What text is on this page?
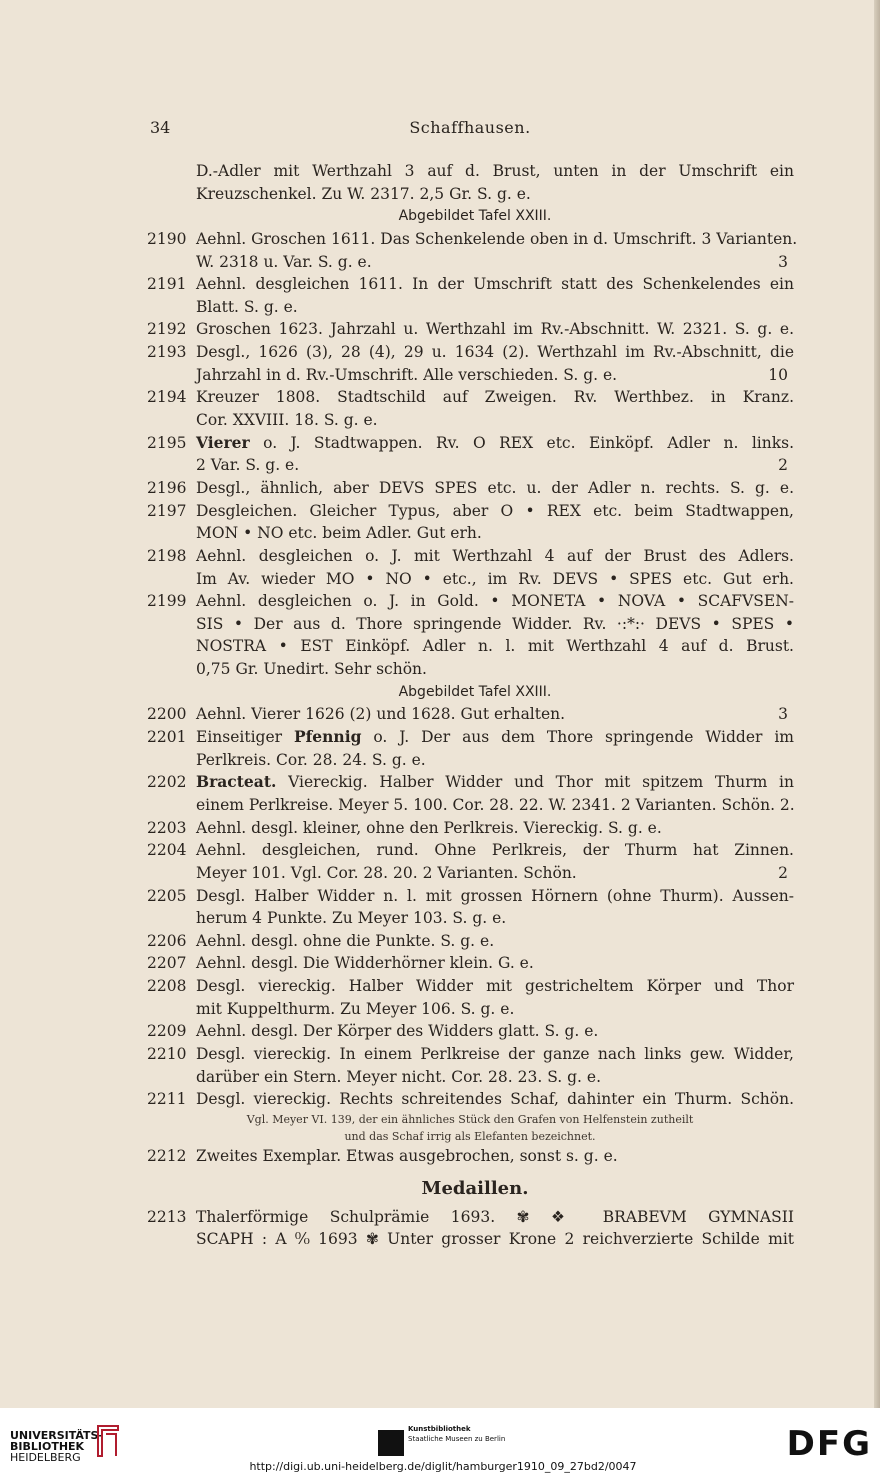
34	Schaffhausen.
D.-Adler mit Werthzahl 3 auf d. Brust, unten in der Umschrift ein
Kreuzschenkel. Zu W. 2317. 2,5 Gr. S. g. e.
Abgebildet Tafel XXIII.
2190 Aehnl. Groschen 1611. Das Schenkelende oben in d. Umschrift. 3 Varianten.
W. 2318 u. Var. S. g. e.	3
2191 Aehnl. desgleichen 1611. In der Umschrift statt des Schenkelendes ein
Blatt. S. g. e.
2192 Groschen 1623. Jahrzahl u. Werthzahl im Rv.-Abschnitt. W. 2321. S. g. e.
2193 Desgl., 1626 (3), 28 (4), 29 u. 1634 (2). Werthzahl im Rv.-Abschnitt, die
Jahrzahl in d. Rv.-Umschrift. Alle verschieden. S. g. e.	10
2194 Kreuzer 1808. Stadtschild auf Zweigen. Rv. Werthbez. in Kranz.
Cor. XXVIII. 18. S. g. e.
2195 Vierer o. J. Stadtwappen. Rv. O REX etc. Einköpf. Adler n. links.
2 Var. S. g. e.	2
2196 Desgl., ähnlich, aber DEVS SPES etc. u. der Adler n. rechts. S. g. e.
2197 Desgleichen. Gleicher Typus, aber O • REX etc. beim Stadtwappen,
MON • NO etc. beim Adler. Gut erh.
2198 Aehnl. desgleichen o. J. mit Werthzahl 4 auf der Brust des Adlers.
Im Av. wieder MO • NO • etc., im Rv. DEVS • SPES etc. Gut erh.
2199 Aehnl. desgleichen o. J. in Gold. • MONETA • NOVA • SCAFVSEN-
SIS • Der aus d. Thore springende Widder. Rv. ·:*:· DEVS • SPES •
NOSTRA • EST Einköpf. Adler n. l. mit Werthzahl 4 auf d. Brust.
0,75 Gr. Unedirt. Sehr schön.
Abgebildet Tafel XXIII.
2200 Aehnl. Vierer 1626 (2) und 1628. Gut erhalten.	3
2201 Einseitiger Pfennig o. J. Der aus dem Thore springende Widder im
Perlkreis. Cor. 28. 24. S. g. e.
2202 Bracteat. Viereckig. Halber Widder und Thor mit spitzem Thurm in
einem Perlkreise. Meyer 5. 100. Cor. 28. 22. W. 2341. 2 Varianten. Schön. 2.
2203 Aehnl. desgl. kleiner, ohne den Perlkreis. Viereckig. S. g. e.
2204 Aehnl. desgleichen, rund. Ohne Perlkreis, der Thurm hat Zinnen.
Meyer 101. Vgl. Cor. 28. 20. 2 Varianten. Schön.	2
2205 Desgl. Halber Widder n. l. mit grossen Hörnern (ohne Thurm). Aussen-
herum 4 Punkte. Zu Meyer 103. S. g. e.
2206 Aehnl. desgl. ohne die Punkte. S. g. e.
2207 Aehnl. desgl. Die Widderhörner klein. G. e.
2208 Desgl. viereckig. Halber Widder mit gestricheltem Körper und Thor
mit Kuppelthurm. Zu Meyer 106. S. g. e.
2209 Aehnl. desgl. Der Körper des Widders glatt. S. g. e.
2210 Desgl. viereckig. In einem Perlkreise der ganze nach links gew. Widder,
darüber ein Stern. Meyer nicht. Cor. 28. 23. S. g. e.
2211 Desgl. viereckig. Rechts schreitendes Schaf, dahinter ein Thurm. Schön.
Vgl. Meyer VI. 139, der ein ähnliches Stück den Grafen von Helfenstein zutheilt
und das Schaf irrig als Elefanten bezeichnet.
2212 Zweites Exemplar. Etwas ausgebrochen, sonst s. g. e.
Medaillen.
2213 Thalerförmige Schulprämie 1693. ✾ ❖ BRABEVM GYMNASII
SCAPH : A ⁰⁄₀ 1693 ✾ Unter grosser Krone 2 reichverzierte Schilde mit
UNIVERSITÄTS-
BIBLIOTHEK
HEIDELBERG
Kunstbibliothek
Staatliche Museen zu Berlin	DFG
http://digi.ub.uni-heidelberg.de/diglit/hamburger1910_09_27bd2/0047
